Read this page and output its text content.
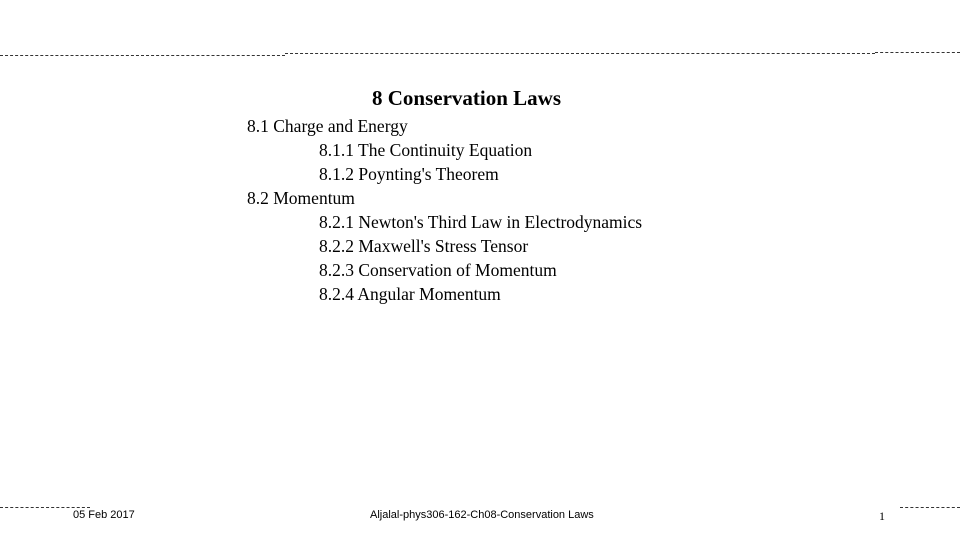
8 Conservation Laws
8.1 Charge and Energy
8.1.1 The Continuity Equation
8.1.2 Poynting's Theorem
8.2 Momentum
8.2.1 Newton's Third Law in Electrodynamics
8.2.2 Maxwell's Stress Tensor
8.2.3 Conservation of Momentum
8.2.4 Angular Momentum
05 Feb 2017	Aljalal-phys306-162-Ch08-Conservation Laws	1
